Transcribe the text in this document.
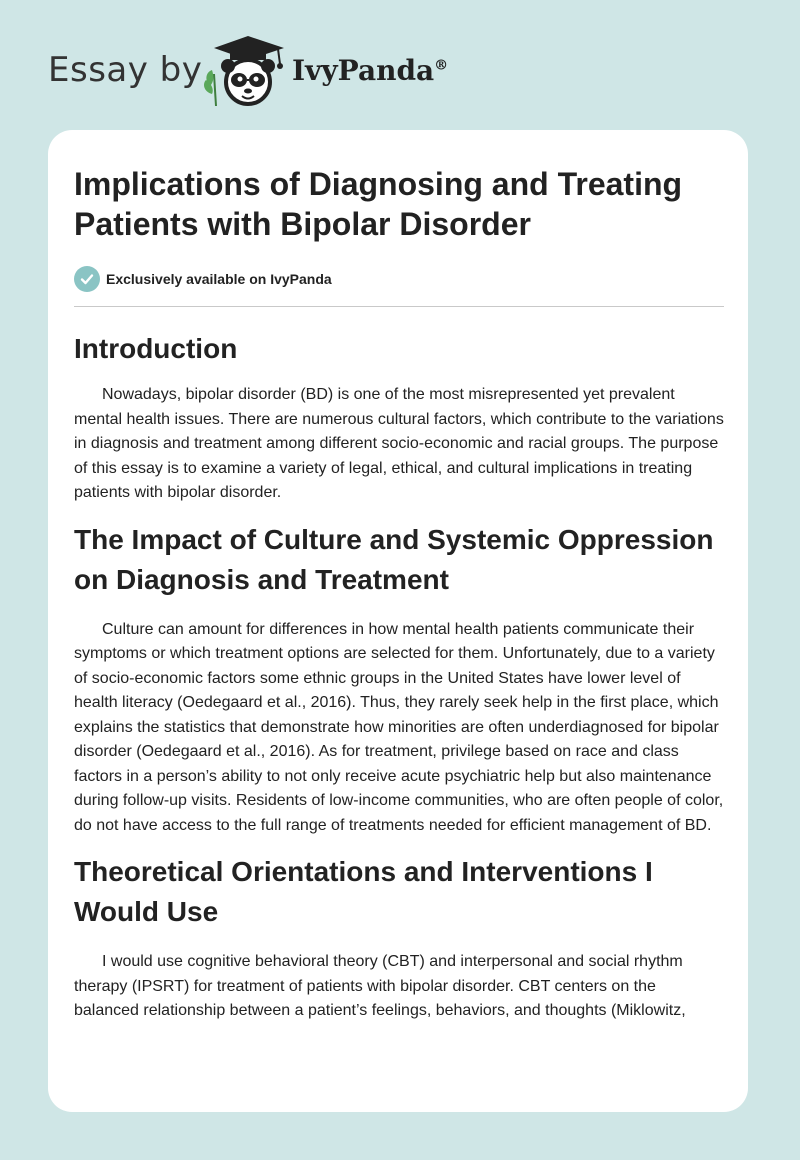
Essay by	IvyPanda®
Implications of Diagnosing and Treating Patients with Bipolar Disorder
Exclusively available on IvyPanda
Introduction

Nowadays, bipolar disorder (BD) is one of the most misrepresented yet prevalent mental health issues. There are numerous cultural factors, which contribute to the variations in diagnosis and treatment among different socio-economic and racial groups. The purpose of this essay is to examine a variety of legal, ethical, and cultural implications in treating patients with bipolar disorder.

The Impact of Culture and Systemic Oppression on Diagnosis and Treatment

Culture can amount for differences in how mental health patients communicate their symptoms or which treatment options are selected for them. Unfortunately, due to a variety of socio-economic factors some ethnic groups in the United States have lower level of health literacy (Oedegaard et al., 2016). Thus, they rarely seek help in the first place, which explains the statistics that demonstrate how minorities are often underdiagnosed for bipolar disorder (Oedegaard et al., 2016). As for treatment, privilege based on race and class factors in a person’s ability to not only receive acute psychiatric help but also maintenance during follow-up visits. Residents of low-income communities, who are often people of color, do not have access to the full range of treatments needed for efficient management of BD.

Theoretical Orientations and Interventions I Would Use

I would use cognitive behavioral theory (CBT) and interpersonal and social rhythm therapy (IPSRT) for treatment of patients with bipolar disorder. CBT centers on the balanced relationship between a patient’s feelings, behaviors, and thoughts (Miklowitz,
